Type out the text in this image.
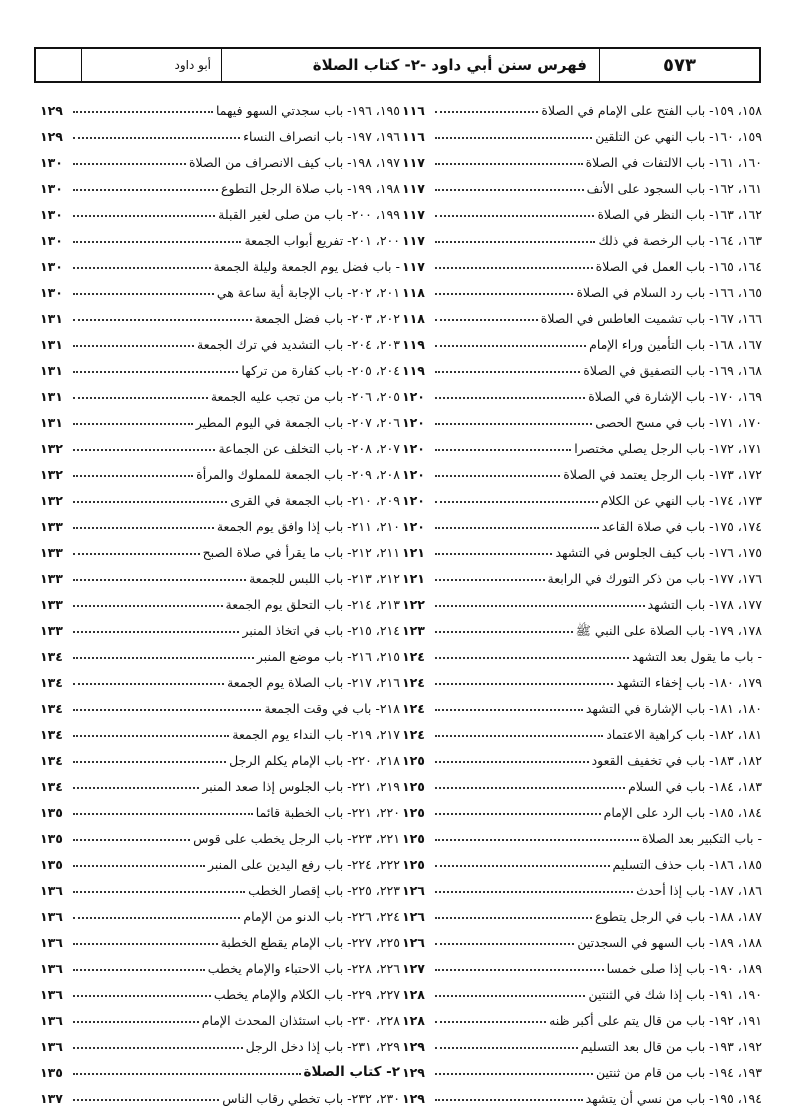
٥٧٣
فهرس سنن أبي داود -٢- كتاب الصلاة
أبو داود
١٥٨، ١٥٩- باب الفتح على الإمام في الصلاة
١١٦
١٥٩، ١٦٠- باب النهي عن التلقين
١١٦
١٦٠، ١٦١- باب الالتفات في الصلاة
١١٧
١٦١، ١٦٢- باب السجود على الأنف
١١٧
١٦٢، ١٦٣- باب النظر في الصلاة
١١٧
١٦٣، ١٦٤- باب الرخصة في ذلك
١١٧
١٦٤، ١٦٥- باب العمل في الصلاة
١١٧
١٦٥، ١٦٦- باب رد السلام في الصلاة
١١٨
١٦٦، ١٦٧- باب تشميت العاطس في الصلاة
١١٨
١٦٧، ١٦٨- باب التأمين وراء الإمام
١١٩
١٦٨، ١٦٩- باب التصفيق في الصلاة
١١٩
١٦٩، ١٧٠- باب الإشارة في الصلاة
١٢٠
١٧٠، ١٧١- باب في مسح الحصى
١٢٠
١٧١، ١٧٢- باب الرجل يصلي مختصرا
١٢٠
١٧٢، ١٧٣- باب الرجل يعتمد في الصلاة
١٢٠
١٧٣، ١٧٤- باب النهي عن الكلام
١٢٠
١٧٤، ١٧٥- باب في صلاة القاعد
١٢٠
١٧٥، ١٧٦- باب كيف الجلوس في التشهد
١٢١
١٧٦، ١٧٧- باب من ذكر التورك في الرابعة
١٢١
١٧٧، ١٧٨- باب التشهد
١٢٢
١٧٨، ١٧٩- باب الصلاة على النبي ﷺ
١٢٣
- باب ما يقول بعد التشهد
١٢٤
١٧٩، ١٨٠- باب إخفاء التشهد
١٢٤
١٨٠، ١٨١- باب الإشارة في التشهد
١٢٤
١٨١، ١٨٢- باب كراهية الاعتماد
١٢٤
١٨٢، ١٨٣- باب في تخفيف القعود
١٢٥
١٨٣، ١٨٤- باب في السلام
١٢٥
١٨٤، ١٨٥- باب الرد على الإمام
١٢٥
- باب التكبير بعد الصلاة
١٢٥
١٨٥، ١٨٦- باب حذف التسليم
١٢٥
١٨٦، ١٨٧- باب إذا أحدث
١٢٦
١٨٧، ١٨٨- باب في الرجل يتطوع
١٢٦
١٨٨، ١٨٩- باب السهو في السجدتين
١٢٦
١٨٩، ١٩٠- باب إذا صلى خمسا
١٢٧
١٩٠، ١٩١- باب إذا شك في الثنتين
١٢٨
١٩١، ١٩٢- باب من قال يتم على أكبر ظنه
١٢٨
١٩٢، ١٩٣- باب من قال بعد التسليم
١٢٩
١٩٣، ١٩٤- باب من قام من ثنتين
١٢٩
١٩٤، ١٩٥- باب من نسي أن يتشهد
١٢٩
١٩٥، ١٩٦- باب سجدتي السهو فيهما
١٢٩
١٩٦، ١٩٧- باب انصراف النساء
١٢٩
١٩٧، ١٩٨- باب كيف الانصراف من الصلاة
١٣٠
١٩٨، ١٩٩- باب صلاة الرجل التطوع
١٣٠
١٩٩، ٢٠٠- باب من صلى لغير القبلة
١٣٠
٢٠٠، ٢٠١- تفريع أبواب الجمعة
١٣٠
- باب فضل يوم الجمعة وليلة الجمعة
١٣٠
٢٠١، ٢٠٢- باب الإجابة أية ساعة هي
١٣٠
٢٠٢، ٢٠٣- باب فضل الجمعة
١٣١
٢٠٣، ٢٠٤- باب التشديد في ترك الجمعة
١٣١
٢٠٤، ٢٠٥- باب كفارة من تركها
١٣١
٢٠٥، ٢٠٦- باب من تجب عليه الجمعة
١٣١
٢٠٦، ٢٠٧- باب الجمعة في اليوم المطير
١٣١
٢٠٧، ٢٠٨- باب التخلف عن الجماعة
١٣٢
٢٠٨، ٢٠٩- باب الجمعة للمملوك والمرأة
١٣٢
٢٠٩، ٢١٠- باب الجمعة في القرى
١٣٢
٢١٠، ٢١١- باب إذا وافق يوم الجمعة
١٣٣
٢١١، ٢١٢- باب ما يقرأ في صلاة الصبح
١٣٣
٢١٢، ٢١٣- باب اللبس للجمعة
١٣٣
٢١٣، ٢١٤- باب التحلق يوم الجمعة
١٣٣
٢١٤، ٢١٥- باب في اتخاذ المنبر
١٣٣
٢١٥، ٢١٦- باب موضع المنبر
١٣٤
٢١٦، ٢١٧- باب الصلاة يوم الجمعة
١٣٤
٢١٨- باب في وقت الجمعة
١٣٤
٢١٧، ٢١٩- باب النداء يوم الجمعة
١٣٤
٢١٨، ٢٢٠- باب الإمام يكلم الرجل
١٣٤
٢١٩، ٢٢١- باب الجلوس إذا صعد المنبر
١٣٤
٢٢٠، ٢٢١- باب الخطبة قائما
١٣٥
٢٢١، ٢٢٣- باب الرجل يخطب على قوس
١٣٥
٢٢٢، ٢٢٤- باب رفع اليدين على المنبر
١٣٥
٢٢٣، ٢٢٥- باب إقصار الخطب
١٣٦
٢٢٤، ٢٢٦- باب الدنو من الإمام
١٣٦
٢٢٥، ٢٢٧- باب الإمام يقطع الخطبة
١٣٦
٢٢٦، ٢٢٨- باب الاحتباء والإمام يخطب
١٣٦
٢٢٧، ٢٢٩- باب الكلام والإمام يخطب
١٣٦
٢٢٨، ٢٣٠- باب استئذان المحدث الإمام
١٣٦
٢٢٩، ٢٣١- باب إذا دخل الرجل
١٣٦
٢- كتاب الصلاة
١٣٥
٢٣٠، ٢٣٢- باب تخطي رقاب الناس
١٣٧
